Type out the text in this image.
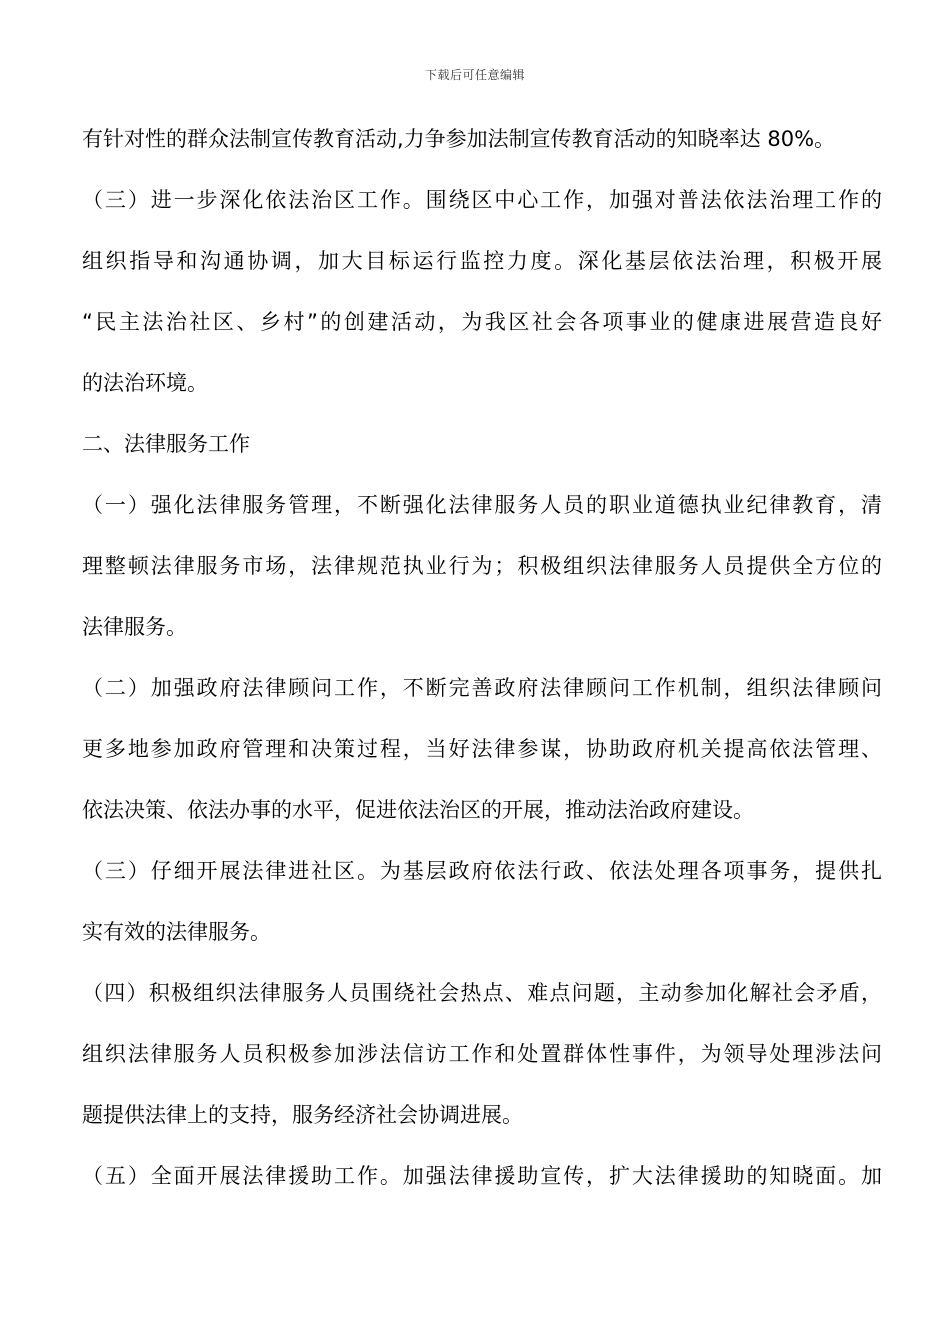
下载后可任意编辑
有针对性的群众法制宣传教育活动,力争参加法制宣传教育活动的知晓率达 80%。
（三）进一步深化依法治区工作。围绕区中心工作，加强对普法依法治理工作的
组织指导和沟通协调，加大目标运行监控力度。深化基层依法治理，积极开展
“民主法治社区、乡村”的创建活动，为我区社会各项事业的健康进展营造良好
的法治环境。
二、法律服务工作
（一）强化法律服务管理，不断强化法律服务人员的职业道德执业纪律教育，清
理整顿法律服务市场，法律规范执业行为；积极组织法律服务人员提供全方位的
法律服务。
（二）加强政府法律顾问工作，不断完善政府法律顾问工作机制，组织法律顾问
更多地参加政府管理和决策过程，当好法律参谋，协助政府机关提高依法管理、
依法决策、依法办事的水平，促进依法治区的开展，推动法治政府建设。
（三）仔细开展法律进社区。为基层政府依法行政、依法处理各项事务，提供扎
实有效的法律服务。
（四）积极组织法律服务人员围绕社会热点、难点问题，主动参加化解社会矛盾，
组织法律服务人员积极参加涉法信访工作和处置群体性事件，为领导处理涉法问
题提供法律上的支持，服务经济社会协调进展。
（五）全面开展法律援助工作。加强法律援助宣传，扩大法律援助的知晓面。加
